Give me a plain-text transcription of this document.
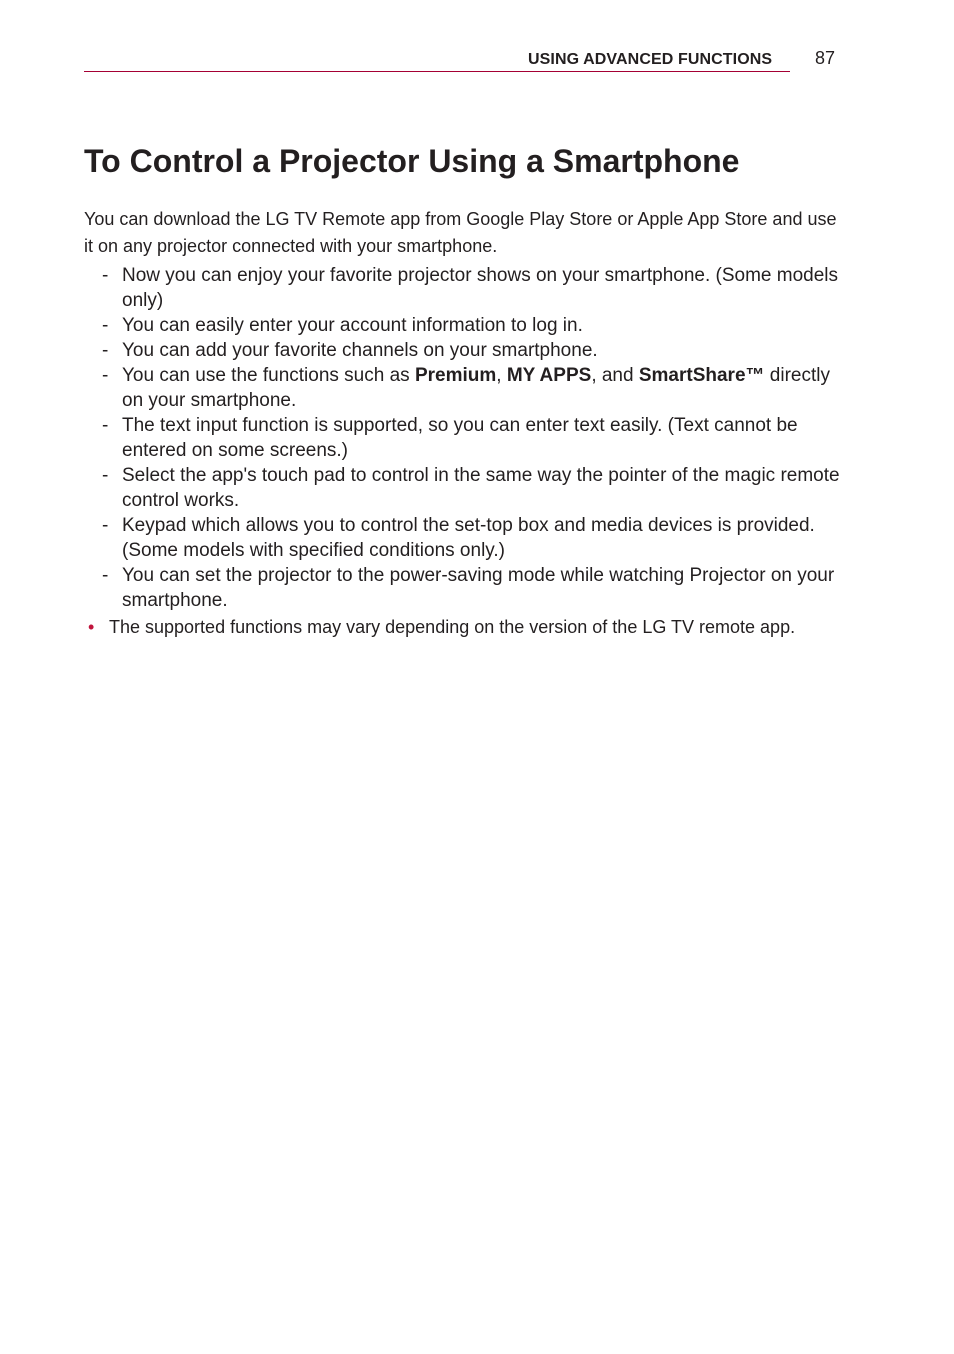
USING ADVANCED FUNCTIONS 87
To Control a Projector Using a Smartphone

You can download the LG TV Remote app from Google Play Store or Apple App Store and use it on any projector connected with your smartphone.

- Now you can enjoy your favorite projector shows on your smartphone. (Some models only)
- You can easily enter your account information to log in.
- You can add your favorite channels on your smartphone.
- You can use the functions such as Premium, MY APPS, and SmartShare™ directly on your smartphone.
- The text input function is supported, so you can enter text easily. (Text cannot be entered on some screens.)
- Select the app's touch pad to control in the same way the pointer of the magic remote control works.
- Keypad which allows you to control the set-top box and media devices is provided. (Some models with specified conditions only.)
- You can set the projector to the power-saving mode while watching Projector on your smartphone.

• The supported functions may vary depending on the version of the LG TV remote app.
